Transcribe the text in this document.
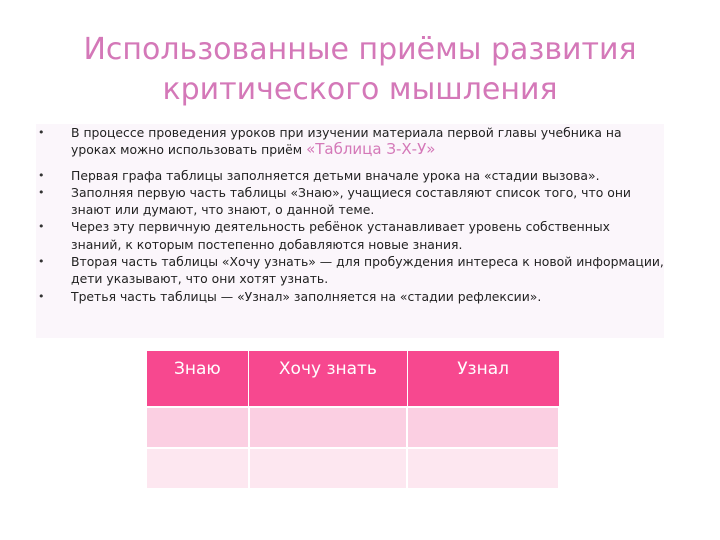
Использованные приёмы развития
критического мышления
• В процессе проведения уроков при изучении материала первой главы учебника на уроках можно использовать приём «Таблица З-Х-У»
• Первая графа таблицы заполняется детьми вначале урока на «стадии вызова».
• Заполняя первую часть таблицы «Знаю», учащиеся составляют список того, что они знают или думают, что знают, о данной теме.
• Через эту первичную деятельность ребёнок устанавливает уровень собственных знаний, к которым постепенно добавляются новые знания.
• Вторая часть таблицы «Хочу узнать» — для пробуждения интереса к новой информации, дети указывают, что они хотят узнать.
• Третья часть таблицы — «Узнал» заполняется на «стадии рефлексии».
Знаю	Хочу знать	Узнал
